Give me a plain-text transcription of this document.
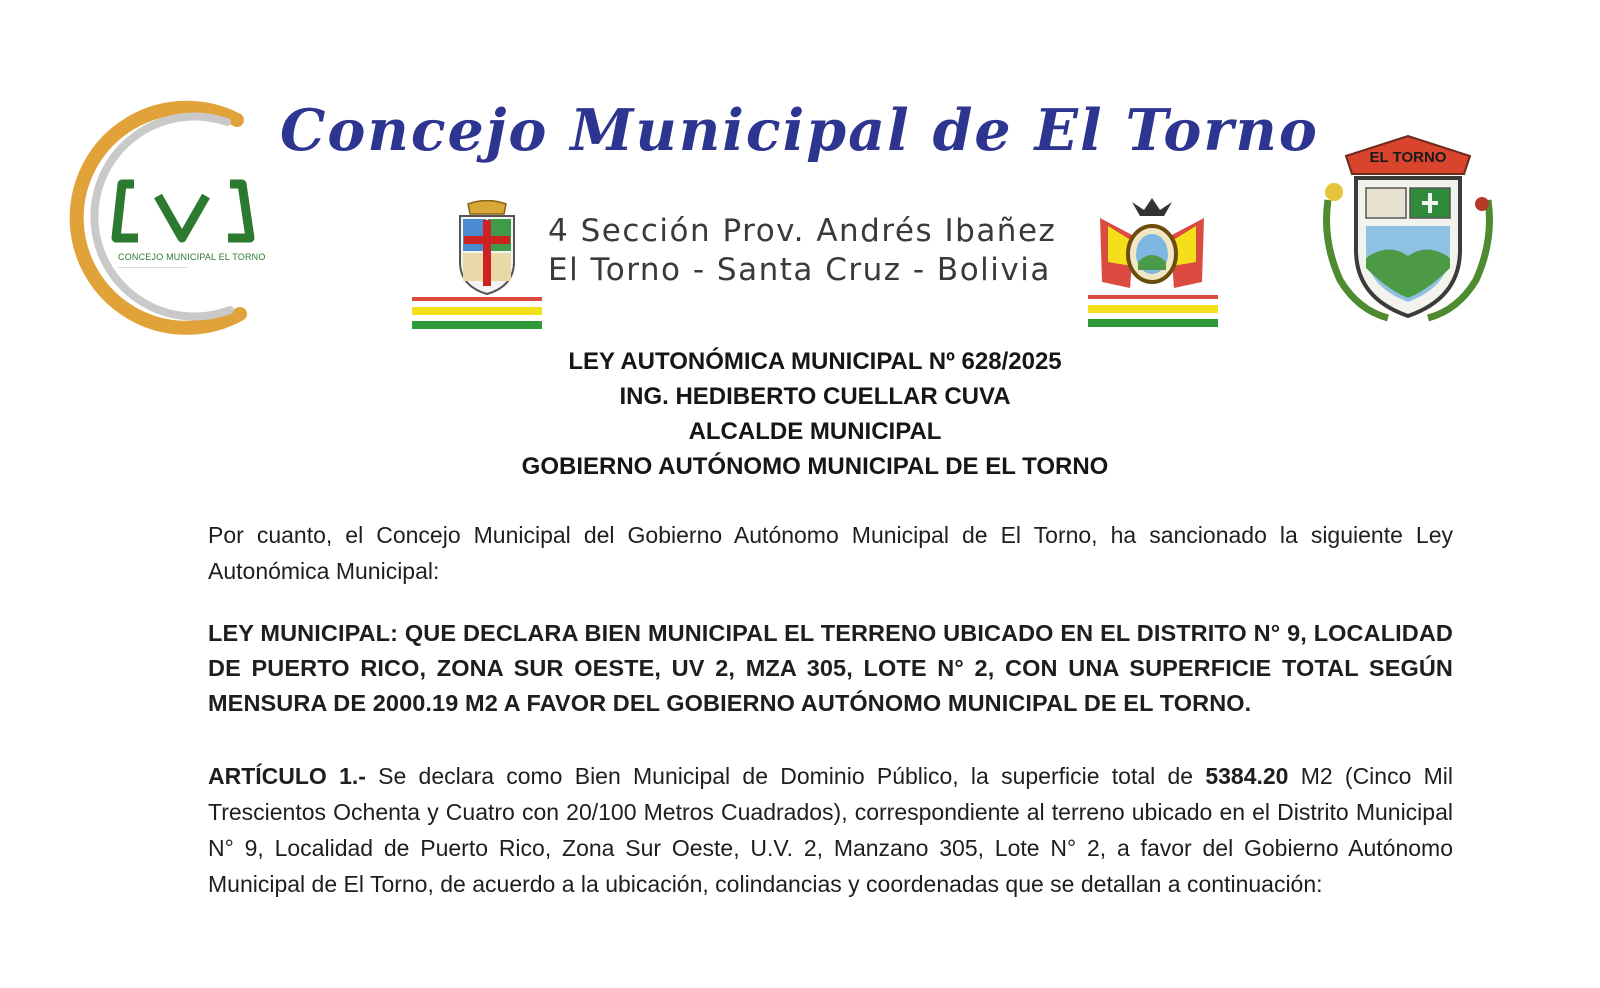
CONCEJO MUNICIPAL EL TORNO
_______________________________
Concejo Municipal de El Torno
4 Sección Prov. Andrés Ibañez
El Torno - Santa Cruz - Bolivia
EL TORNO
LEY AUTONÓMICA MUNICIPAL Nº 628/2025
ING. HEDIBERTO CUELLAR CUVA
ALCALDE MUNICIPAL
GOBIERNO AUTÓNOMO MUNICIPAL DE EL TORNO
Por cuanto, el Concejo Municipal del Gobierno Autónomo Municipal de El Torno, ha sancionado la siguiente Ley Autonómica Municipal:
LEY MUNICIPAL: QUE DECLARA BIEN MUNICIPAL EL TERRENO UBICADO EN EL DISTRITO N° 9, LOCALIDAD DE PUERTO RICO, ZONA SUR OESTE, UV 2, MZA 305, LOTE N° 2, CON UNA SUPERFICIE TOTAL SEGÚN MENSURA DE 2000.19 M2 A FAVOR DEL GOBIERNO AUTÓNOMO MUNICIPAL DE EL TORNO.
ARTÍCULO 1.- Se declara como Bien Municipal de Dominio Público, la superficie total de 5384.20 M2 (Cinco Mil Trescientos Ochenta y Cuatro con 20/100 Metros Cuadrados), correspondiente al terreno ubicado en el Distrito Municipal N° 9, Localidad de Puerto Rico, Zona Sur Oeste, U.V. 2, Manzano 305, Lote N° 2, a favor del Gobierno Autónomo Municipal de El Torno, de acuerdo a la ubicación, colindancias y coordenadas que se detallan a continuación:
